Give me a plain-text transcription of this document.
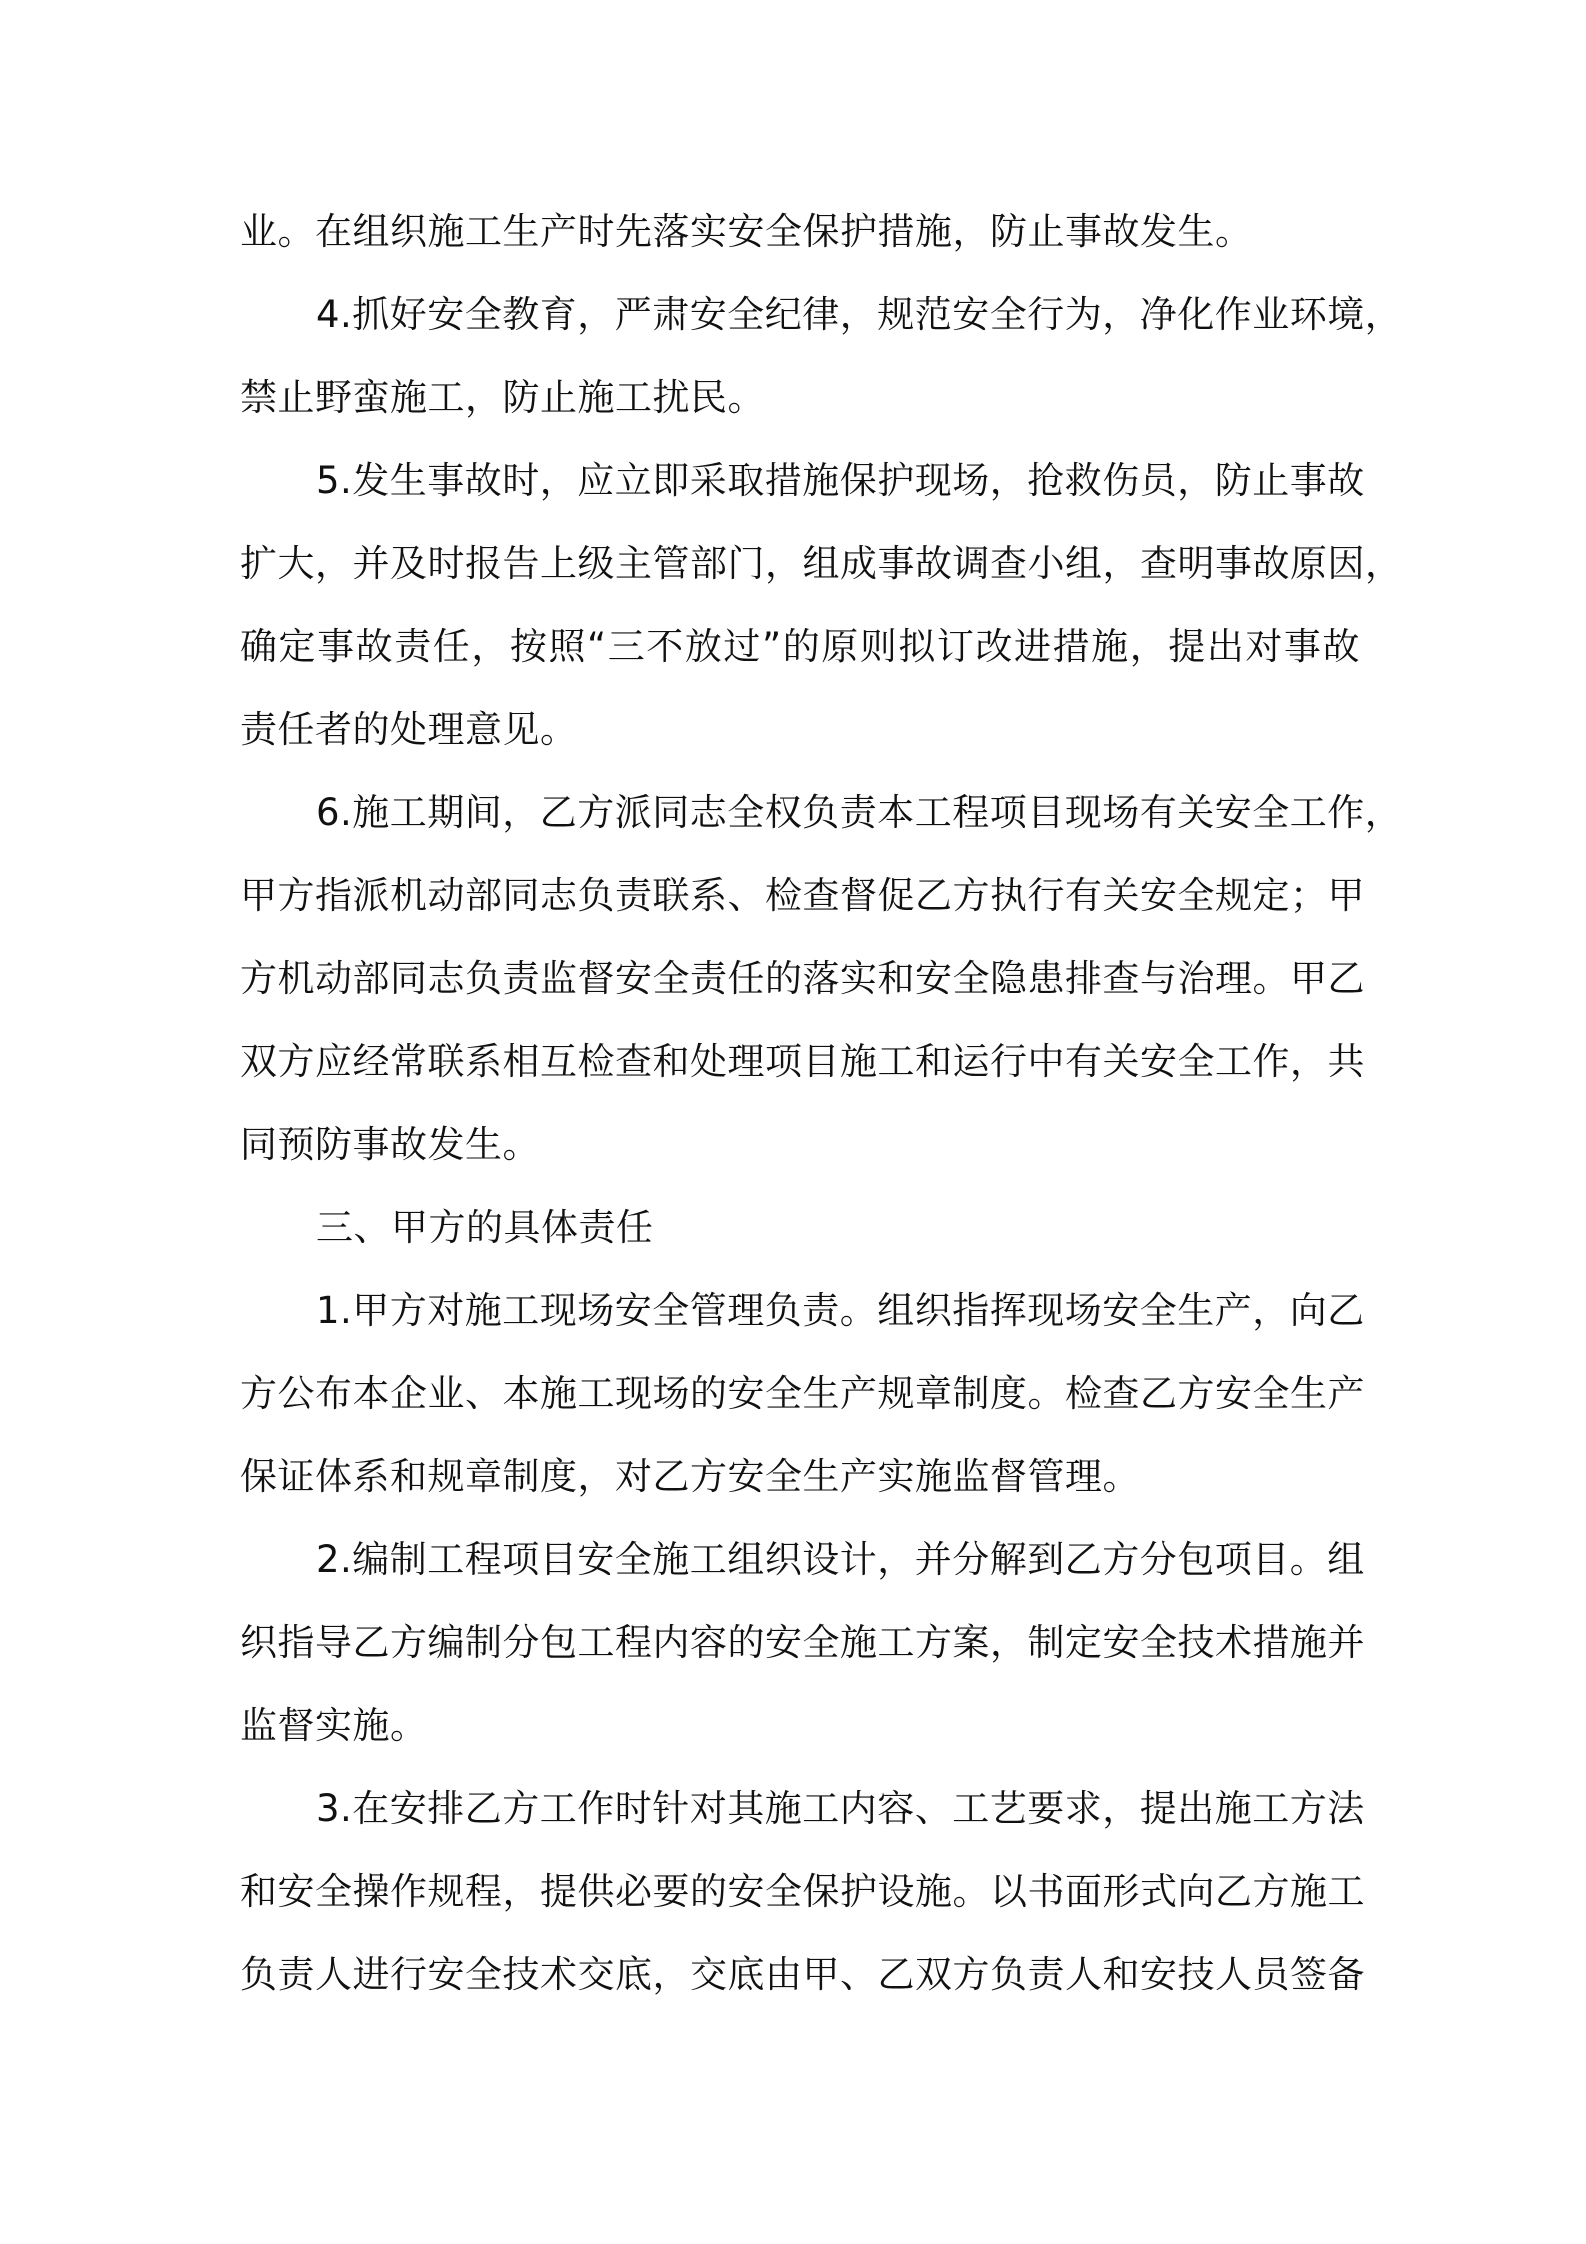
业。在组织施工生产时先落实安全保护措施，防止事故发生。
4.抓好安全教育，严肃安全纪律，规范安全行为，净化作业环境，
禁止野蛮施工，防止施工扰民。
5.发生事故时，应立即采取措施保护现场，抢救伤员，防止事故
扩大，并及时报告上级主管部门，组成事故调查小组，查明事故原因，
确定事故责任，按照“三不放过”的原则拟订改进措施，提出对事故
责任者的处理意见。
6.施工期间，乙方派同志全权负责本工程项目现场有关安全工作，
甲方指派机动部同志负责联系、检查督促乙方执行有关安全规定；甲
方机动部同志负责监督安全责任的落实和安全隐患排查与治理。甲乙
双方应经常联系相互检查和处理项目施工和运行中有关安全工作，共
同预防事故发生。
三、甲方的具体责任
1.甲方对施工现场安全管理负责。组织指挥现场安全生产，向乙
方公布本企业、本施工现场的安全生产规章制度。检查乙方安全生产
保证体系和规章制度，对乙方安全生产实施监督管理。
2.编制工程项目安全施工组织设计，并分解到乙方分包项目。组
织指导乙方编制分包工程内容的安全施工方案，制定安全技术措施并
监督实施。
3.在安排乙方工作时针对其施工内容、工艺要求，提出施工方法
和安全操作规程，提供必要的安全保护设施。以书面形式向乙方施工
负责人进行安全技术交底，交底由甲、乙双方负责人和安技人员签备
